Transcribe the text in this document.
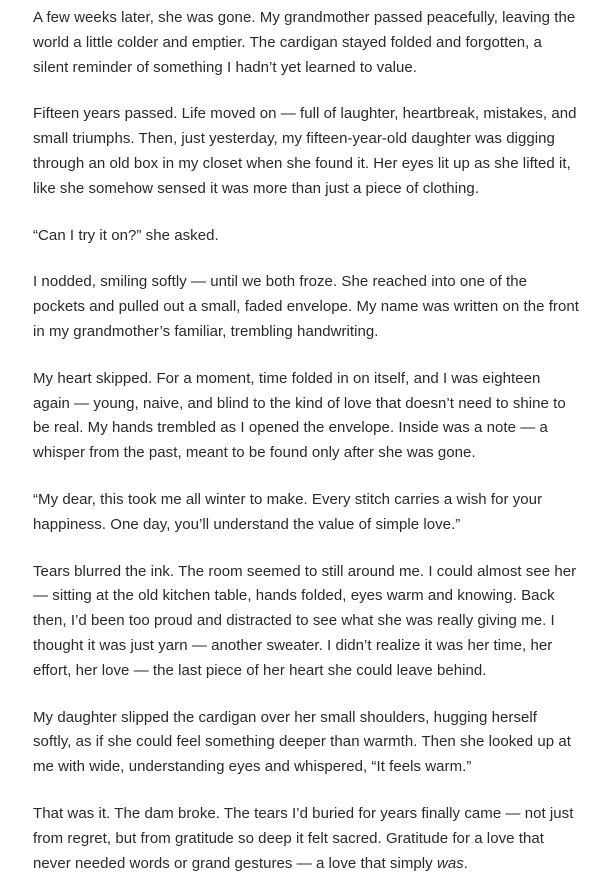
A few weeks later, she was gone. My grandmother passed peacefully, leaving the world a little colder and emptier. The cardigan stayed folded and forgotten, a silent reminder of something I hadn’t yet learned to value.

Fifteen years passed. Life moved on — full of laughter, heartbreak, mistakes, and small triumphs. Then, just yesterday, my fifteen-year-old daughter was digging through an old box in my closet when she found it. Her eyes lit up as she lifted it, like she somehow sensed it was more than just a piece of clothing.

“Can I try it on?” she asked.

I nodded, smiling softly — until we both froze. She reached into one of the pockets and pulled out a small, faded envelope. My name was written on the front in my grandmother’s familiar, trembling handwriting.

My heart skipped. For a moment, time folded in on itself, and I was eighteen again — young, naive, and blind to the kind of love that doesn’t need to shine to be real. My hands trembled as I opened the envelope. Inside was a note — a whisper from the past, meant to be found only after she was gone.

“My dear, this took me all winter to make. Every stitch carries a wish for your happiness. One day, you’ll understand the value of simple love.”

Tears blurred the ink. The room seemed to still around me. I could almost see her — sitting at the old kitchen table, hands folded, eyes warm and knowing. Back then, I’d been too proud and distracted to see what she was really giving me. I thought it was just yarn — another sweater. I didn’t realize it was her time, her effort, her love — the last piece of her heart she could leave behind.

My daughter slipped the cardigan over her small shoulders, hugging herself softly, as if she could feel something deeper than warmth. Then she looked up at me with wide, understanding eyes and whispered, “It feels warm.”

That was it. The dam broke. The tears I’d buried for years finally came — not just from regret, but from gratitude so deep it felt sacred. Gratitude for a love that never needed words or grand gestures — a love that simply was.
